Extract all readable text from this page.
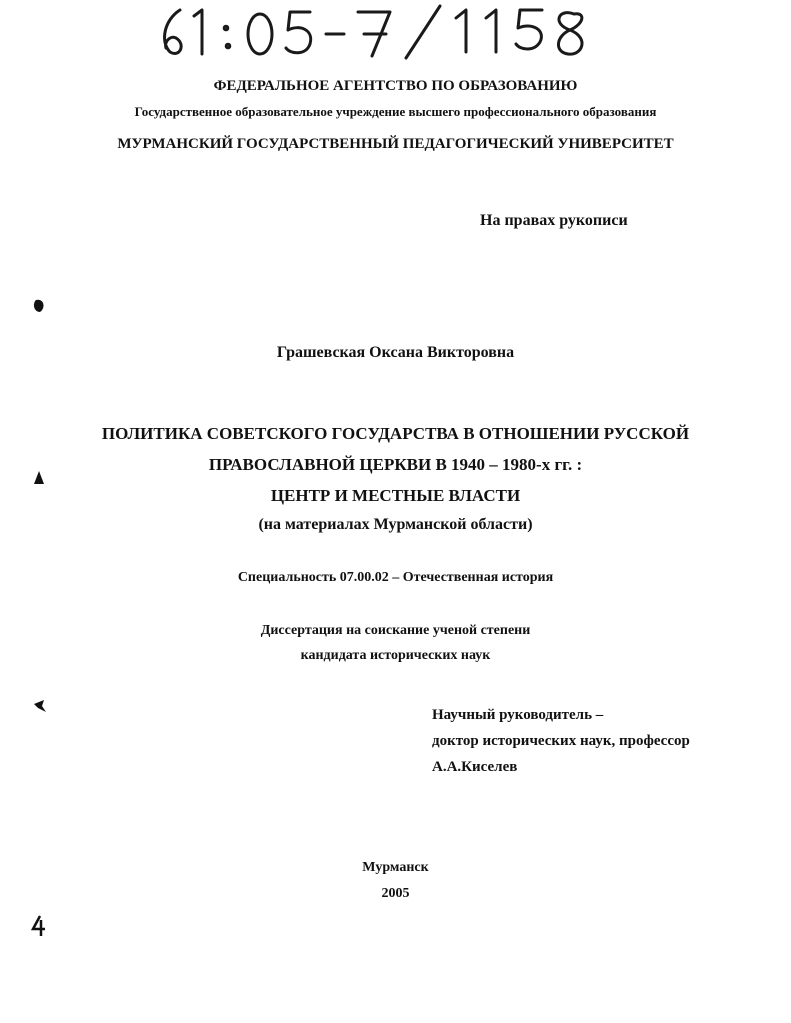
ФЕДЕРАЛЬНОЕ АГЕНТСТВО ПО ОБРАЗОВАНИЮ
Государственное образовательное учреждение высшего профессионального образования
МУРМАНСКИЙ ГОСУДАРСТВЕННЫЙ ПЕДАГОГИЧЕСКИЙ УНИВЕРСИТЕТ
На правах рукописи
Грашевская Оксана Викторовна
ПОЛИТИКА СОВЕТСКОГО ГОСУДАРСТВА В ОТНОШЕНИИ РУССКОЙ
ПРАВОСЛАВНОЙ ЦЕРКВИ В 1940 – 1980-х гг. :
ЦЕНТР И МЕСТНЫЕ ВЛАСТИ
(на материалах Мурманской области)
Специальность 07.00.02 – Отечественная история
Диссертация на соискание ученой степени
кандидата исторических наук
Научный руководитель –
доктор исторических наук, профессор
А.А.Киселев
Мурманск
2005
